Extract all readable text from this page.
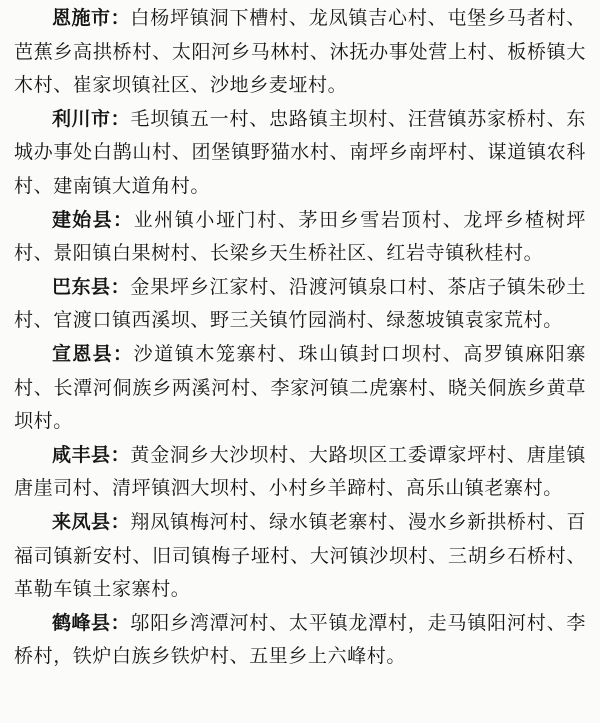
恩施市：白杨坪镇洞下槽村、龙凤镇吉心村、屯堡乡马者村、芭蕉乡高拱桥村、太阳河乡马林村、沐抚办事处营上村、板桥镇大木村、崔家坝镇社区、沙地乡麦垭村。

利川市：毛坝镇五一村、忠路镇主坝村、汪营镇苏家桥村、东城办事处白鹊山村、团堡镇野猫水村、南坪乡南坪村、谋道镇农科村、建南镇大道角村。

建始县：业州镇小垭门村、茅田乡雪岩顶村、龙坪乡楂树坪村、景阳镇白果树村、长梁乡天生桥社区、红岩寺镇秋桂村。

巴东县：金果坪乡江家村、沿渡河镇泉口村、茶店子镇朱砂土村、官渡口镇西溪坝、野三关镇竹园淌村、绿葱坡镇袁家荒村。

宣恩县：沙道镇木笼寨村、珠山镇封口坝村、高罗镇麻阳寨村、长潭河侗族乡两溪河村、李家河镇二虎寨村、晓关侗族乡黄草坝村。

咸丰县：黄金洞乡大沙坝村、大路坝区工委谭家坪村、唐崖镇唐崖司村、清坪镇泗大坝村、小村乡羊蹄村、高乐山镇老寨村。

来凤县：翔凤镇梅河村、绿水镇老寨村、漫水乡新拱桥村、百福司镇新安村、旧司镇梅子垭村、大河镇沙坝村、三胡乡石桥村、革勒车镇土家寨村。

鹤峰县：邬阳乡湾潭河村、太平镇龙潭村，走马镇阳河村、李桥村，铁炉白族乡铁炉村、五里乡上六峰村。
